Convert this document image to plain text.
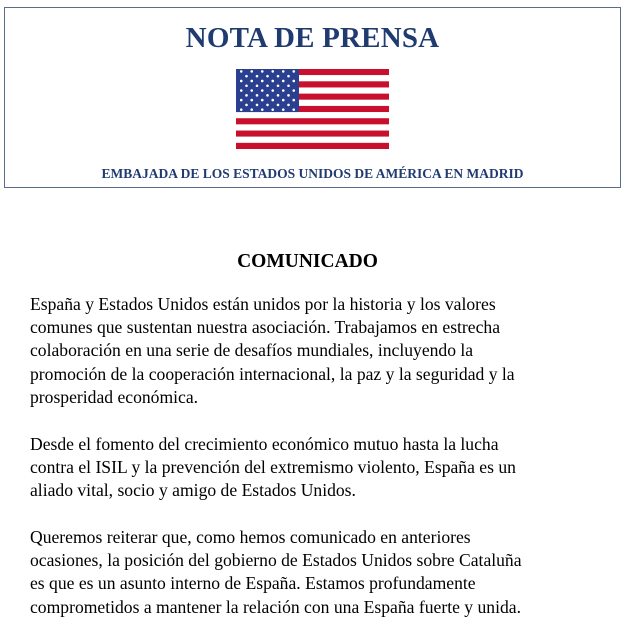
NOTA DE PRENSA

EMBAJADA DE LOS ESTADOS UNIDOS DE AMÉRICA EN MADRID

COMUNICADO

España y Estados Unidos están unidos por la historia y los valores
comunes que sustentan nuestra asociación. Trabajamos en estrecha
colaboración en una serie de desafíos mundiales, incluyendo la
promoción de la cooperación internacional, la paz y la seguridad y la
prosperidad económica.

Desde el fomento del crecimiento económico mutuo hasta la lucha
contra el ISIL y la prevención del extremismo violento, España es un
aliado vital, socio y amigo de Estados Unidos.

Queremos reiterar que, como hemos comunicado en anteriores
ocasiones, la posición del gobierno de Estados Unidos sobre Cataluña
es que es un asunto interno de España. Estamos profundamente
comprometidos a mantener la relación con una España fuerte y unida.
